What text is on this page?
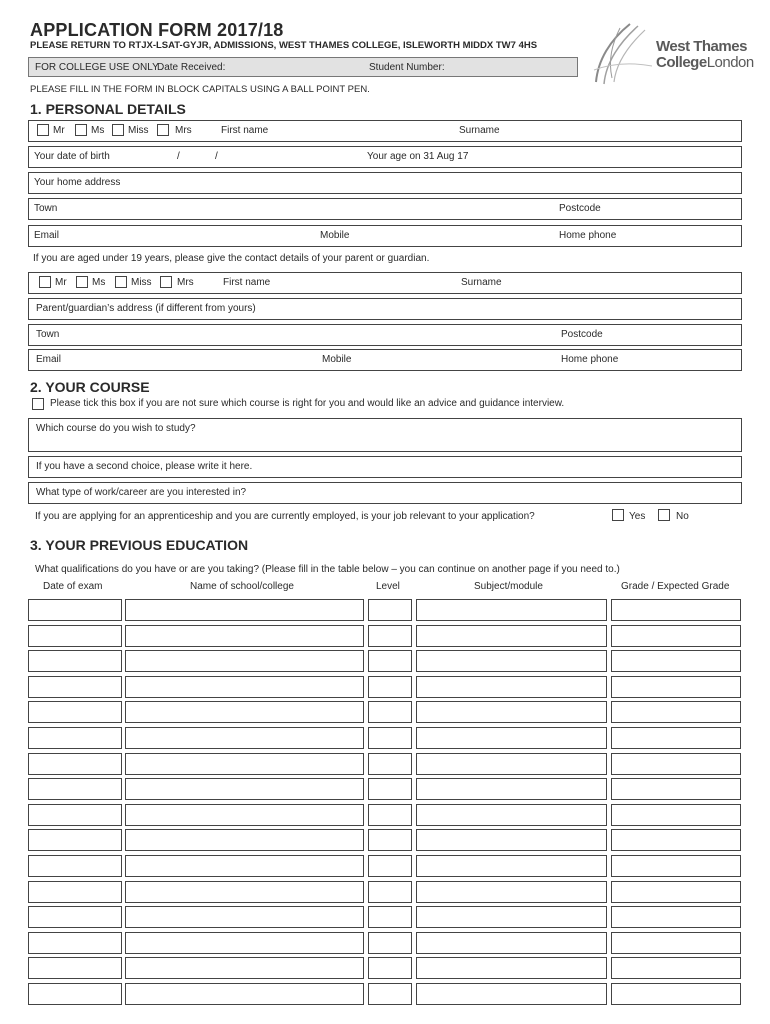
APPLICATION FORM 2017/18
PLEASE RETURN TO RTJX-LSAT-GYJR, ADMISSIONS, WEST THAMES COLLEGE, ISLEWORTH MIDDX TW7 4HS
FOR COLLEGE USE ONLY
Date Received:	Student Number:
PLEASE FILL IN THE FORM IN BLOCK CAPITALS USING A BALL POINT PEN.
West Thames
CollegeLondon
1. PERSONAL DETAILS
Mr	Ms Miss	Mrs	First name	Surname
Your date of birth	/	/	Your age on 31 Aug 17
Your home address
Town	Postcode
Email	Mobile	Home phone
If you are aged under 19 years, please give the contact details of your parent or guardian.
Mr	Ms	Miss	Mrs	First name	Surname
Parent/guardian’s address (if different from yours)
Town	Postcode
Email	Mobile	Home phone
2. YOUR COURSE
Please tick this box if you are not sure which course is right for you and would like an advice and guidance interview.
Which course do you wish to study?
If you have a second choice, please write it here.
What type of work/career are you interested in?
If you are applying for an apprenticeship and you are currently employed, is your job relevant to your application?	Yes	No
3. YOUR PREVIOUS EDUCATION
What qualifications do you have or are you taking? (Please fill in the table below – you can continue on another page if you need to.)
Date of exam	Name of school/college	Level	Subject/module	Grade / Expected Grade
